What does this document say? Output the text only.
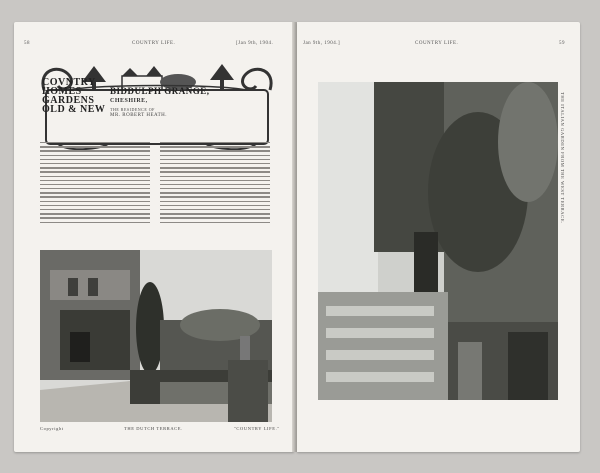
58	COUNTRY LIFE.	[Jan 9th, 1904.
COVNTRY
HOMES
GARDENS
OLD & NEW
BIDDULPH GRANGE,
CHESHIRE,
THE RESIDENCE OF
MR. ROBERT HEATH.
Copyright	THE DUTCH TERRACE.	"COUNTRY LIFE."
Jan 9th, 1904.]	COUNTRY LIFE.	59
THE ITALIAN GARDEN FROM THE WEST TERRACE.
